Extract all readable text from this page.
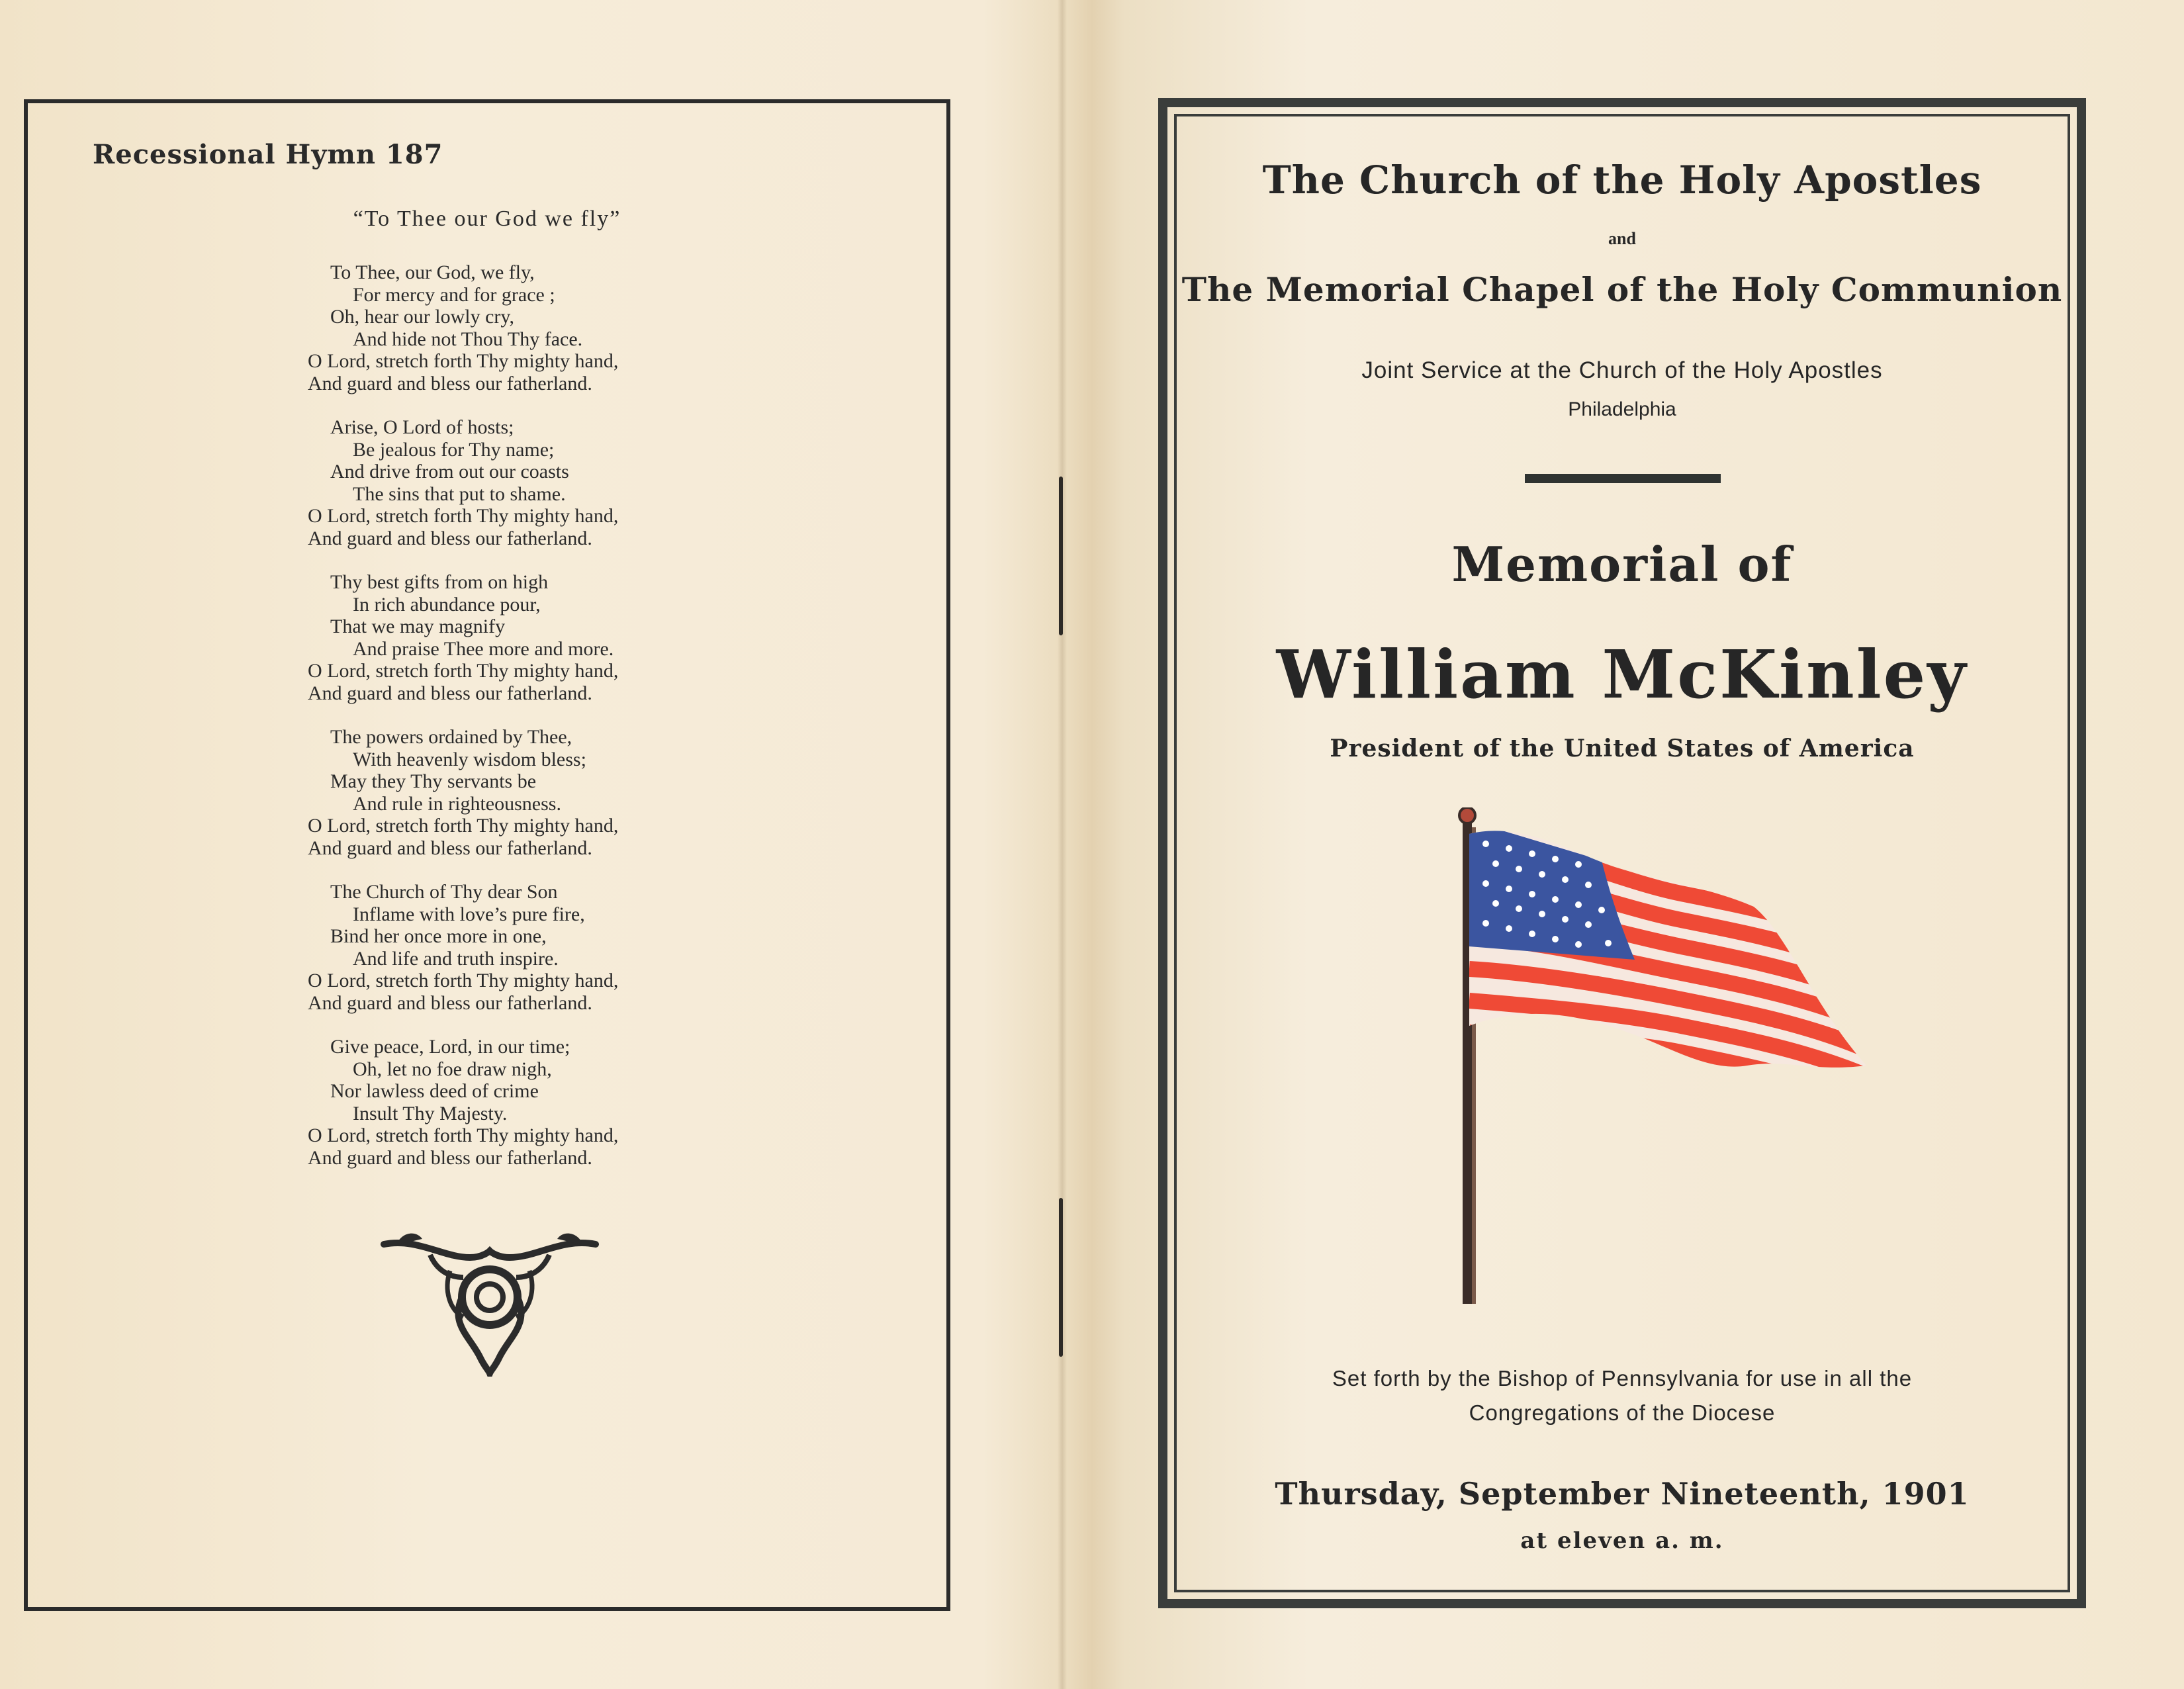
Recessional Hymn 187
“To Thee our God we fly”
To Thee, our God, we fly,
For mercy and for grace ;
Oh, hear our lowly cry,
And hide not Thou Thy face.
O Lord, stretch forth Thy mighty hand,
And guard and bless our fatherland.
Arise, O Lord of hosts;
Be jealous for Thy name;
And drive from out our coasts
The sins that put to shame.
O Lord, stretch forth Thy mighty hand,
And guard and bless our fatherland.
Thy best gifts from on high
In rich abundance pour,
That we may magnify
And praise Thee more and more.
O Lord, stretch forth Thy mighty hand,
And guard and bless our fatherland.
The powers ordained by Thee,
With heavenly wisdom bless;
May they Thy servants be
And rule in righteousness.
O Lord, stretch forth Thy mighty hand,
And guard and bless our fatherland.
The Church of Thy dear Son
Inflame with love’s pure fire,
Bind her once more in one,
And life and truth inspire.
O Lord, stretch forth Thy mighty hand,
And guard and bless our fatherland.
Give peace, Lord, in our time;
Oh, let no foe draw nigh,
Nor lawless deed of crime
Insult Thy Majesty.
O Lord, stretch forth Thy mighty hand,
And guard and bless our fatherland.
The Church of the Holy Apostles
and
The Memorial Chapel of the Holy Communion
Joint Service at the Church of the Holy Apostles
Philadelphia
Memorial of
William McKinley
President of the United States of America
Set forth by the Bishop of Pennsylvania for use in all the
Congregations of the Diocese
Thursday, September Nineteenth, 1901
at eleven a. m.
